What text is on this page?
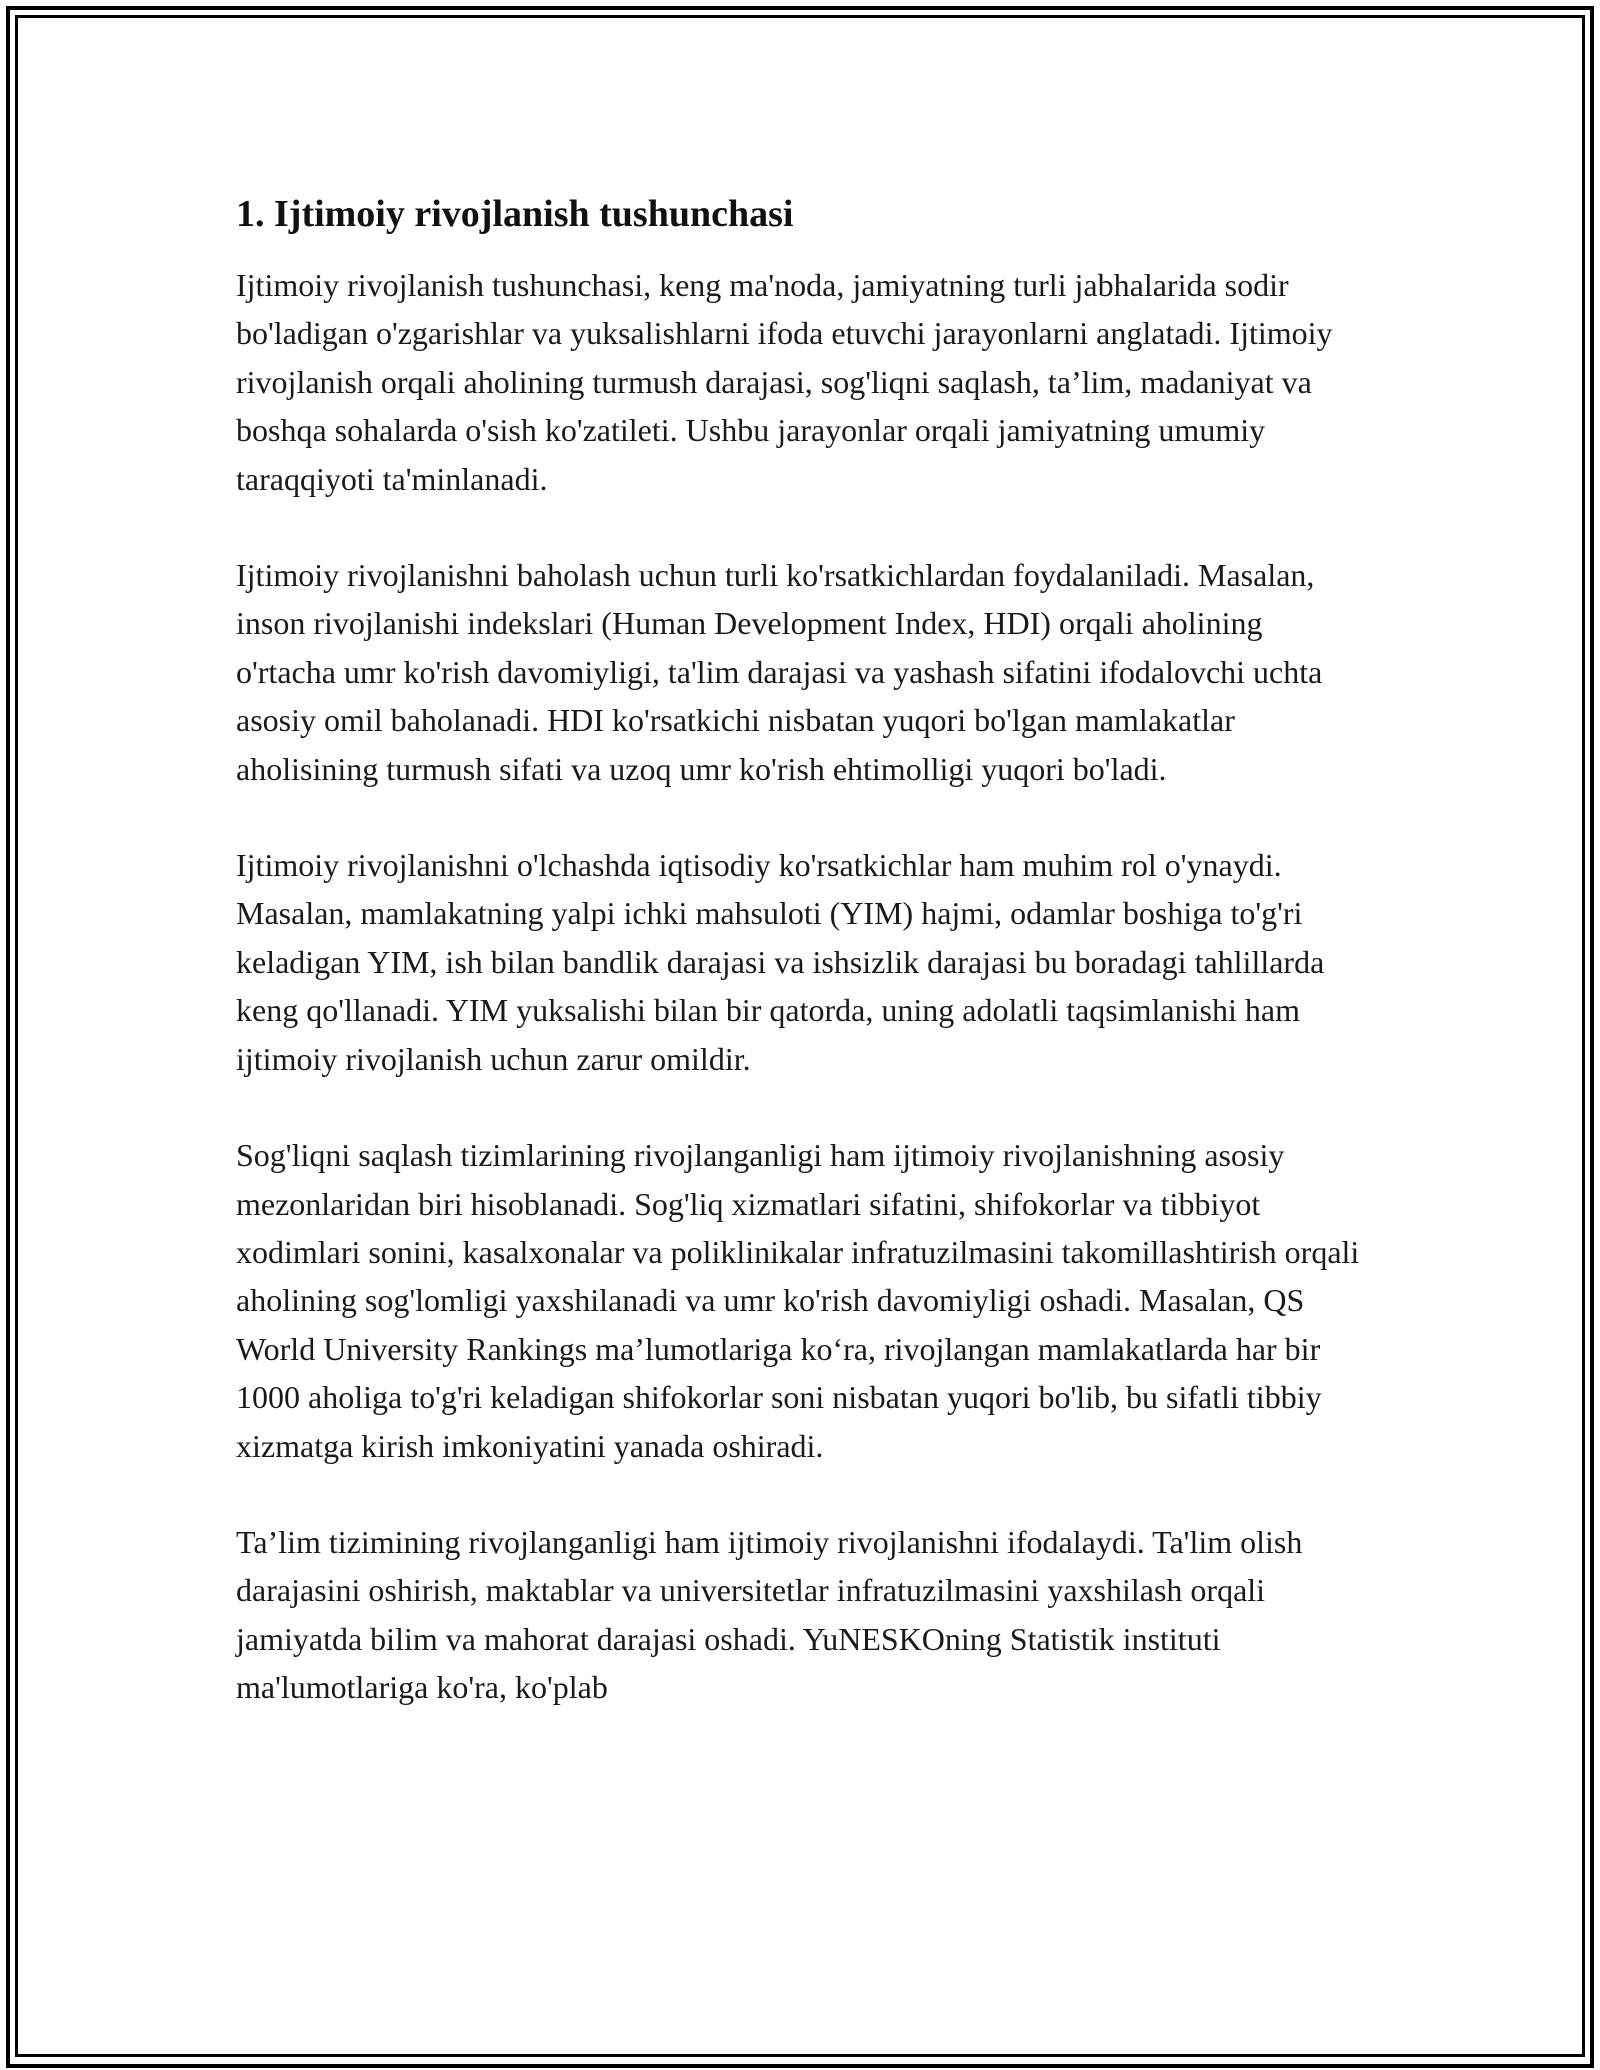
1. Ijtimoiy rivojlanish tushunchasi

Ijtimoiy rivojlanish tushunchasi, keng ma'noda, jamiyatning turli jabhalarida sodir bo'ladigan o'zgarishlar va yuksalishlarni ifoda etuvchi jarayonlarni anglatadi. Ijtimoiy rivojlanish orqali aholining turmush darajasi, sog'liqni saqlash, ta’lim, madaniyat va boshqa sohalarda o'sish ko'zatileti. Ushbu jarayonlar orqali jamiyatning umumiy taraqqiyoti ta'minlanadi.

Ijtimoiy rivojlanishni baholash uchun turli ko'rsatkichlardan foydalaniladi. Masalan, inson rivojlanishi indekslari (Human Development Index, HDI) orqali aholining o'rtacha umr ko'rish davomiyligi, ta'lim darajasi va yashash sifatini ifodalovchi uchta asosiy omil baholanadi. HDI ko'rsatkichi nisbatan yuqori bo'lgan mamlakatlar aholisining turmush sifati va uzoq umr ko'rish ehtimolligi yuqori bo'ladi.

Ijtimoiy rivojlanishni o'lchashda iqtisodiy ko'rsatkichlar ham muhim rol o'ynaydi. Masalan, mamlakatning yalpi ichki mahsuloti (YIM) hajmi, odamlar boshiga to'g'ri keladigan YIM, ish bilan bandlik darajasi va ishsizlik darajasi bu boradagi tahlillarda keng qo'llanadi. YIM yuksalishi bilan bir qatorda, uning adolatli taqsimlanishi ham ijtimoiy rivojlanish uchun zarur omildir.

Sog'liqni saqlash tizimlarining rivojlanganligi ham ijtimoiy rivojlanishning asosiy mezonlaridan biri hisoblanadi. Sog'liq xizmatlari sifatini, shifokorlar va tibbiyot xodimlari sonini, kasalxonalar va poliklinikalar infratuzilmasini takomillashtirish orqali aholining sog'lomligi yaxshilanadi va umr ko'rish davomiyligi oshadi. Masalan, QS World University Rankings ma’lumotlariga ko‘ra, rivojlangan mamlakatlarda har bir 1000 aholiga to'g'ri keladigan shifokorlar soni nisbatan yuqori bo'lib, bu sifatli tibbiy xizmatga kirish imkoniyatini yanada oshiradi.

Ta’lim tizimining rivojlanganligi ham ijtimoiy rivojlanishni ifodalaydi. Ta'lim olish darajasini oshirish, maktablar va universitetlar infratuzilmasini yaxshilash orqali jamiyatda bilim va mahorat darajasi oshadi. YuNESKOning Statistik instituti ma'lumotlariga ko'ra, ko'plab
